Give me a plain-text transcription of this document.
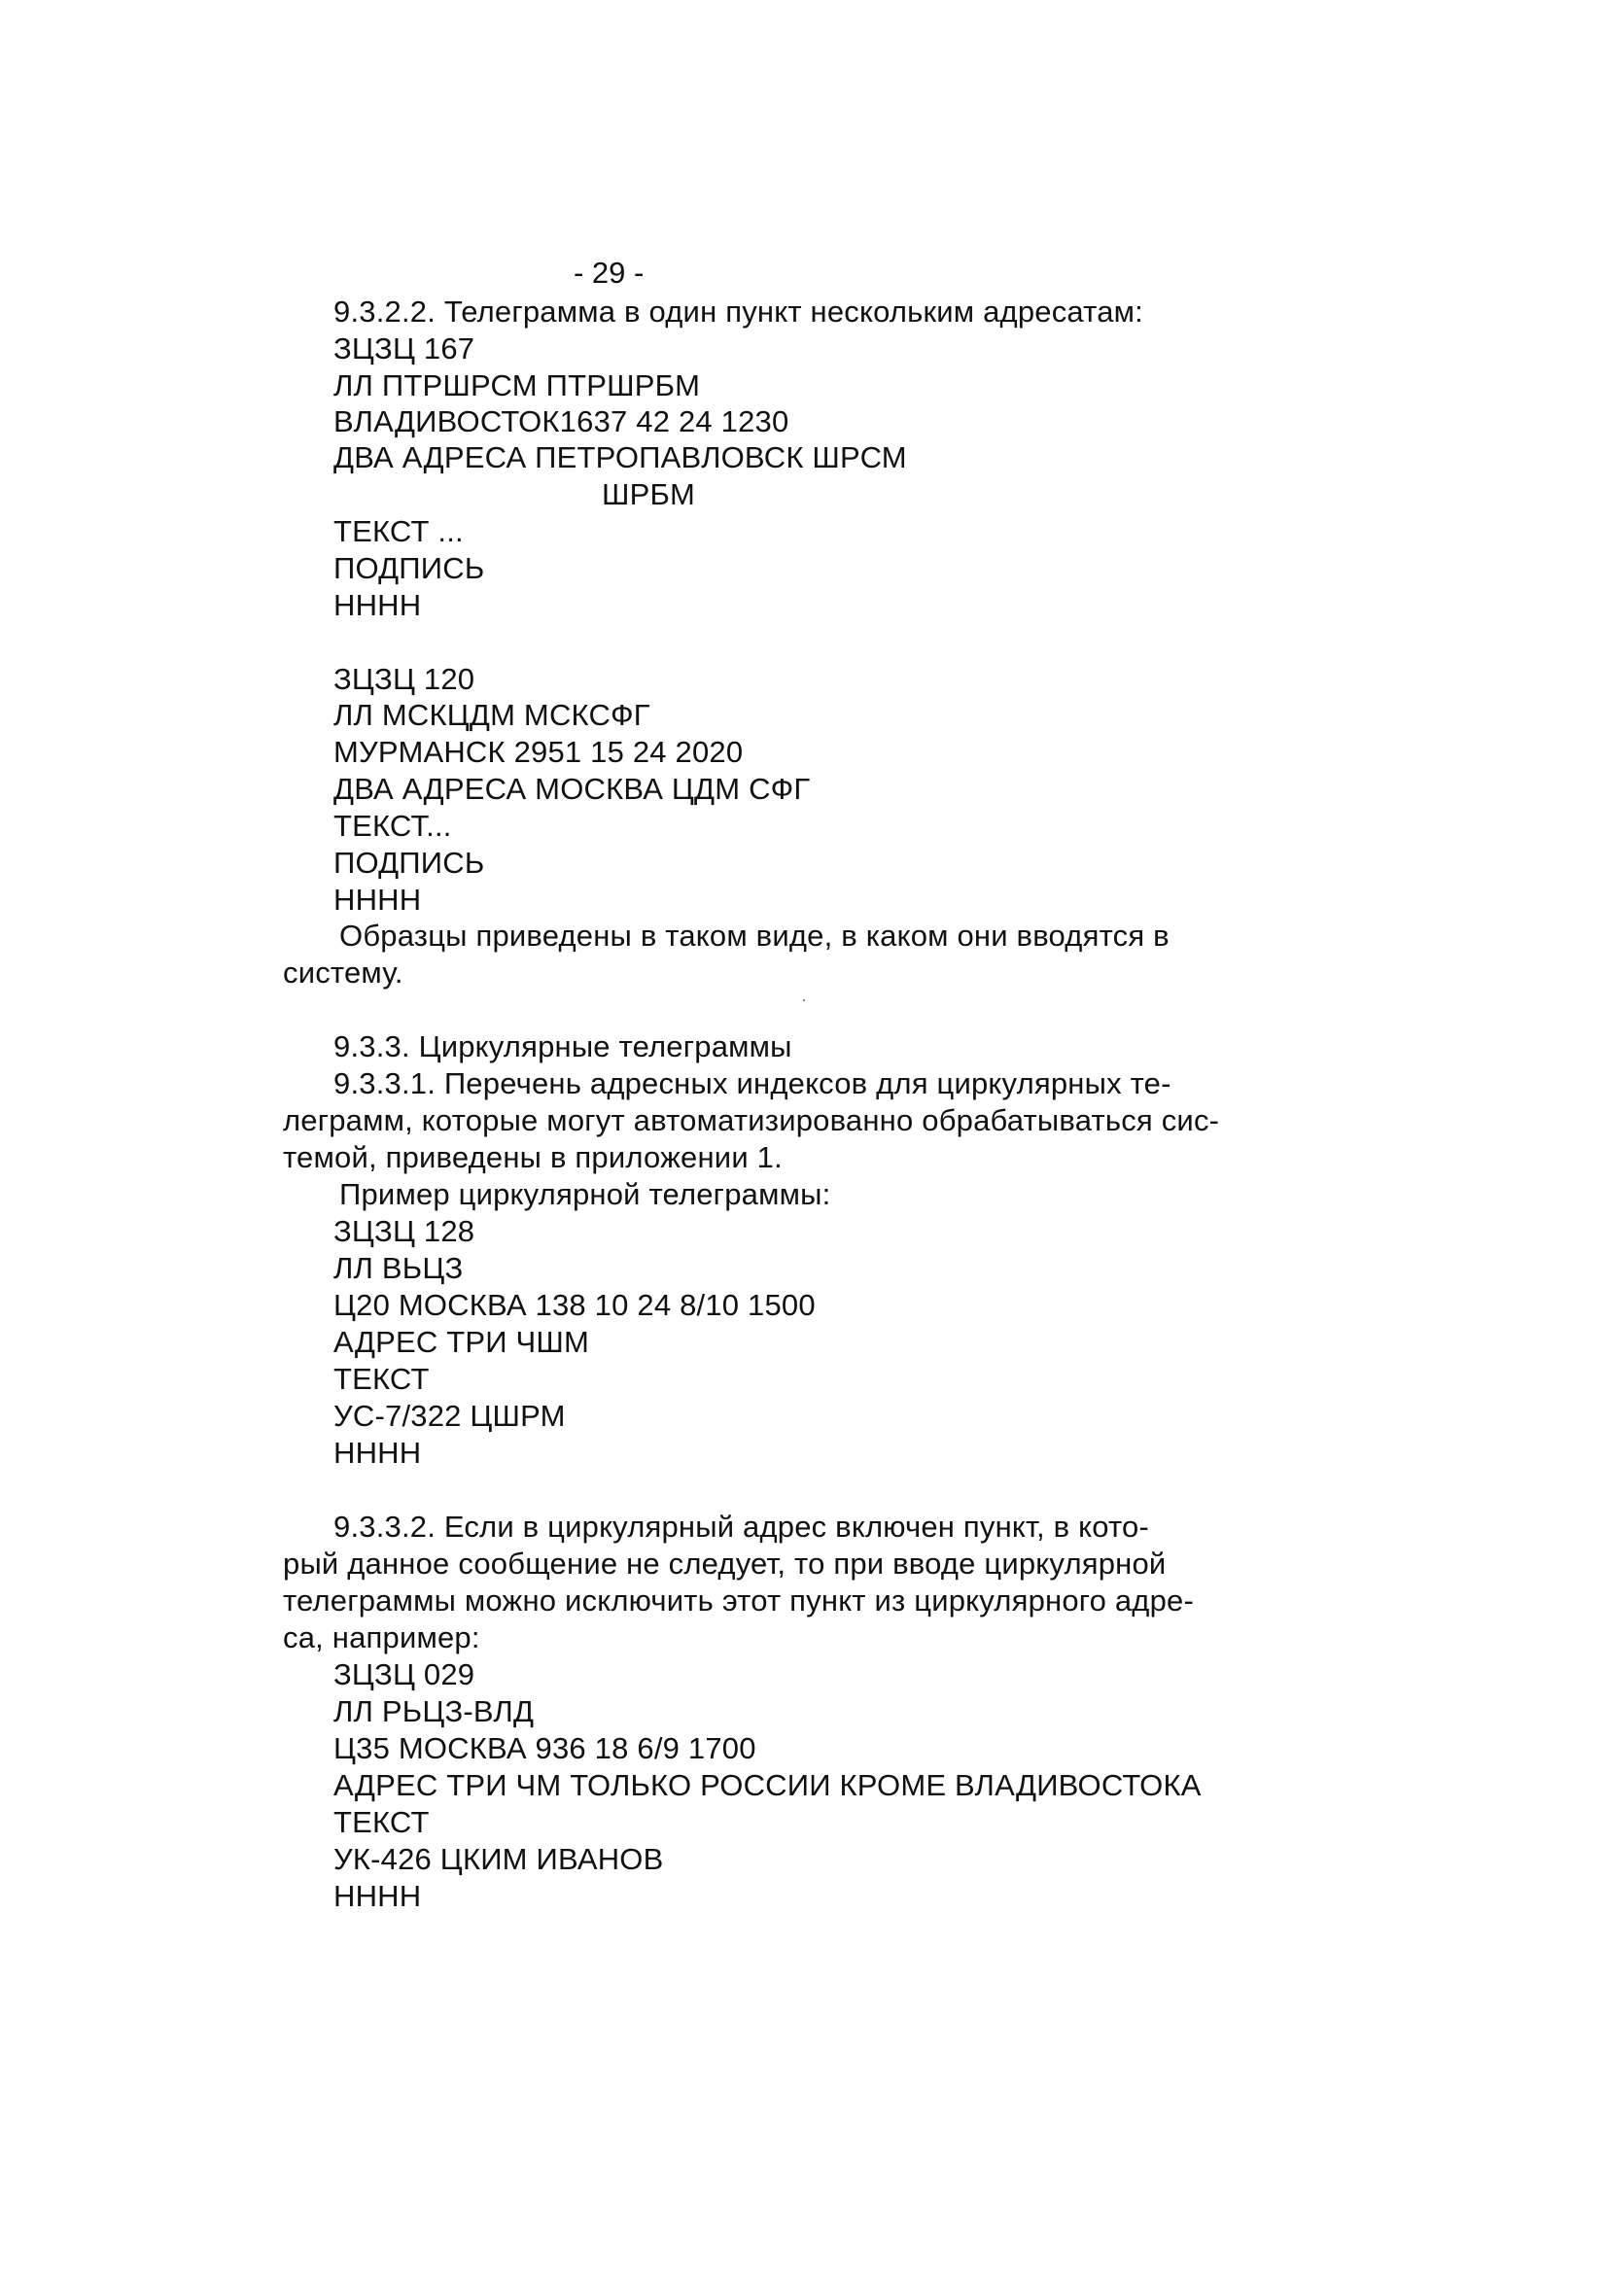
- 29 -
9.3.2.2. Телеграмма в один пункт нескольким адресатам:
ЗЦЗЦ 167
ЛЛ ПТРШРСМ ПТРШРБМ
ВЛАДИВОСТОК1637 42 24 1230
ДВА АДРЕСА ПЕТРОПАВЛОВСК ШРСМ
ШРБМ
ТЕКСТ ...
ПОДПИСЬ
НННН
ЗЦЗЦ 120
ЛЛ МСКЦДМ МСКСФГ
МУРМАНСК 2951 15 24 2020
ДВА АДРЕСА МОСКВА ЦДМ СФГ
ТЕКСТ...
ПОДПИСЬ
НННН
Образцы приведены в таком виде, в каком они вводятся в
систему.
9.3.3. Циркулярные телеграммы
9.3.3.1. Перечень адресных индексов для циркулярных те-
леграмм, которые могут автоматизированно обрабатываться сис-
темой, приведены в приложении 1.
Пример циркулярной телеграммы:
ЗЦЗЦ 128
ЛЛ ВЬЦЗ
Ц20 МОСКВА 138 10 24 8/10 1500
АДРЕС ТРИ ЧШМ
ТЕКСТ
УС-7/322 ЦШРМ
НННН
9.3.3.2. Если в циркулярный адрес включен пункт, в кото-
рый данное сообщение не следует, то при вводе циркулярной
телеграммы можно исключить этот пункт из циркулярного адре-
са, например:
ЗЦЗЦ 029
ЛЛ РЬЦЗ-ВЛД
Ц35 МОСКВА 936 18 6/9 1700
АДРЕС ТРИ ЧМ ТОЛЬКО РОССИИ КРОМЕ ВЛАДИВОСТОКА
ТЕКСТ
УК-426 ЦКИМ ИВАНОВ
НННН
